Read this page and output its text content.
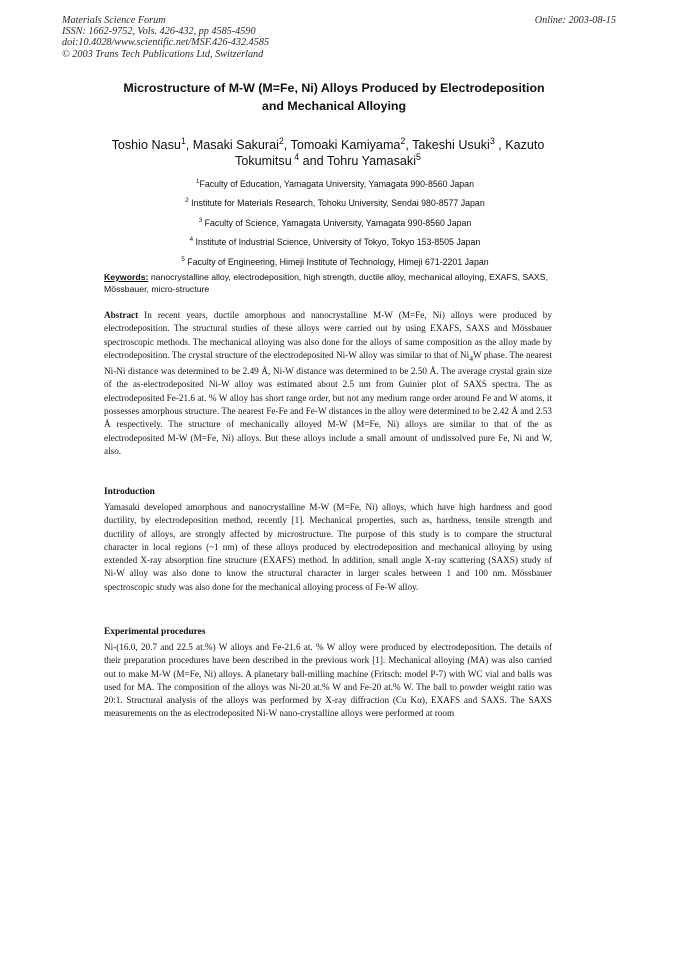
Materials Science Forum
ISSN: 1662-9752, Vols. 426-432, pp 4585-4590
doi:10.4028/www.scientific.net/MSF.426-432.4585
© 2003 Trans Tech Publications Ltd, Switzerland
Online: 2003-08-15
Microstructure of M-W (M=Fe, Ni) Alloys Produced by Electrodeposition
and Mechanical Alloying
Toshio Nasu$^1$, Masaki Sakurai$^2$, Tomoaki Kamiyama$^2$, Takeshi Usuki$^3$ , Kazuto Tokumitsu $^4$ and Tohru Yamasaki$^5$
$^1$Faculty of Education, Yamagata University, Yamagata 990-8560 Japan
$^2$ Institute for Materials Research, Tohoku University, Sendai 980-8577 Japan
$^3$ Faculty of Science, Yamagata University, Yamagata 990-8560 Japan
$^4$ Institute of Industrial Science, University of Tokyo, Tokyo 153-8505 Japan
$^5$ Faculty of Engineering, Himeji Institute of Technology, Himeji 671-2201 Japan
Keywords: nanocrystalline alloy, electrodeposition, high strength, ductile alloy, mechanical alloying, EXAFS, SAXS, Mössbauer, micro-structure
Abstract In recent years, ductile amorphous and nanocrystalline M-W (M=Fe, Ni) alloys were produced by electrodeposition. The structural studies of these alloys were carried out by using EXAFS, SAXS and Mössbauer spectroscopic methods. The mechanical alloying was also done for the alloys of same composition as the alloy made by electrodeposition. The crystal structure of the electrodeposited Ni-W alloy was similar to that of $Ni_4W$ phase. The nearest Ni-Ni distance was determined to be 2.49 Å, Ni-W distance was determined to be 2.50 Å. The average crystal grain size of the as-electrodeposited Ni-W alloy was estimated about 2.5 nm from Guinier plot of SAXS spectra. The as electrodeposited Fe-21.6 at. % W alloy has short range order, but not any medium range order around Fe and W atoms, it possesses amorphous structure. The nearest Fe-Fe and Fe-W distances in the alloy were determined to be 2.42 Å and 2.53 Å respectively. The structure of mechanically alloyed M-W (M=Fe, Ni) alloys are similar to that of the as electrodeposited M-W (M=Fe, Ni) alloys. But these alloys include a small amount of undissolved pure Fe, Ni and W, also.
Introduction
Yamasaki developed amorphous and nanocrystalline M-W (M=Fe, Ni) alloys, which have high hardness and good ductility, by electrodeposition method, recently [1]. Mechanical properties, such as, hardness, tensile strength and ductility of alloys, are strongly affected by microstructure. The purpose of this study is to compare the structural character in local regions (~1 nm) of these alloys produced by electrodeposition and mechanical alloying by using extended X-ray absorption fine structure (EXAFS) method. In addition, small angle X-ray scattering (SAXS) study of Ni-W alloy was also done to know the structural character in larger scales between 1 and 100 nm. Mössbauer spectroscopic study was also done for the mechanical alloying process of Fe-W alloy.
Experimental procedures
Ni-(16.0, 20.7 and 22.5 at.%) W alloys and Fe-21.6 at. % W alloy were produced by electrodeposition. The details of their preparation procedures have been described in the previous work [1]. Mechanical alloying (MA) was also carried out to make M-W (M=Fe, Ni) alloys. A planetary ball-milling machine (Fritsch: model P-7) with WC vial and balls was used for MA. The composition of the alloys was Ni-20 at.% W and Fe-20 at.% W. The ball to powder weight ratio was 20:1. Structural analysis of the alloys was performed by X-ray diffraction (Cu Kα), EXAFS and SAXS. The SAXS measurements on the as electrodeposited Ni-W nano-crystalline alloys were performed at room
